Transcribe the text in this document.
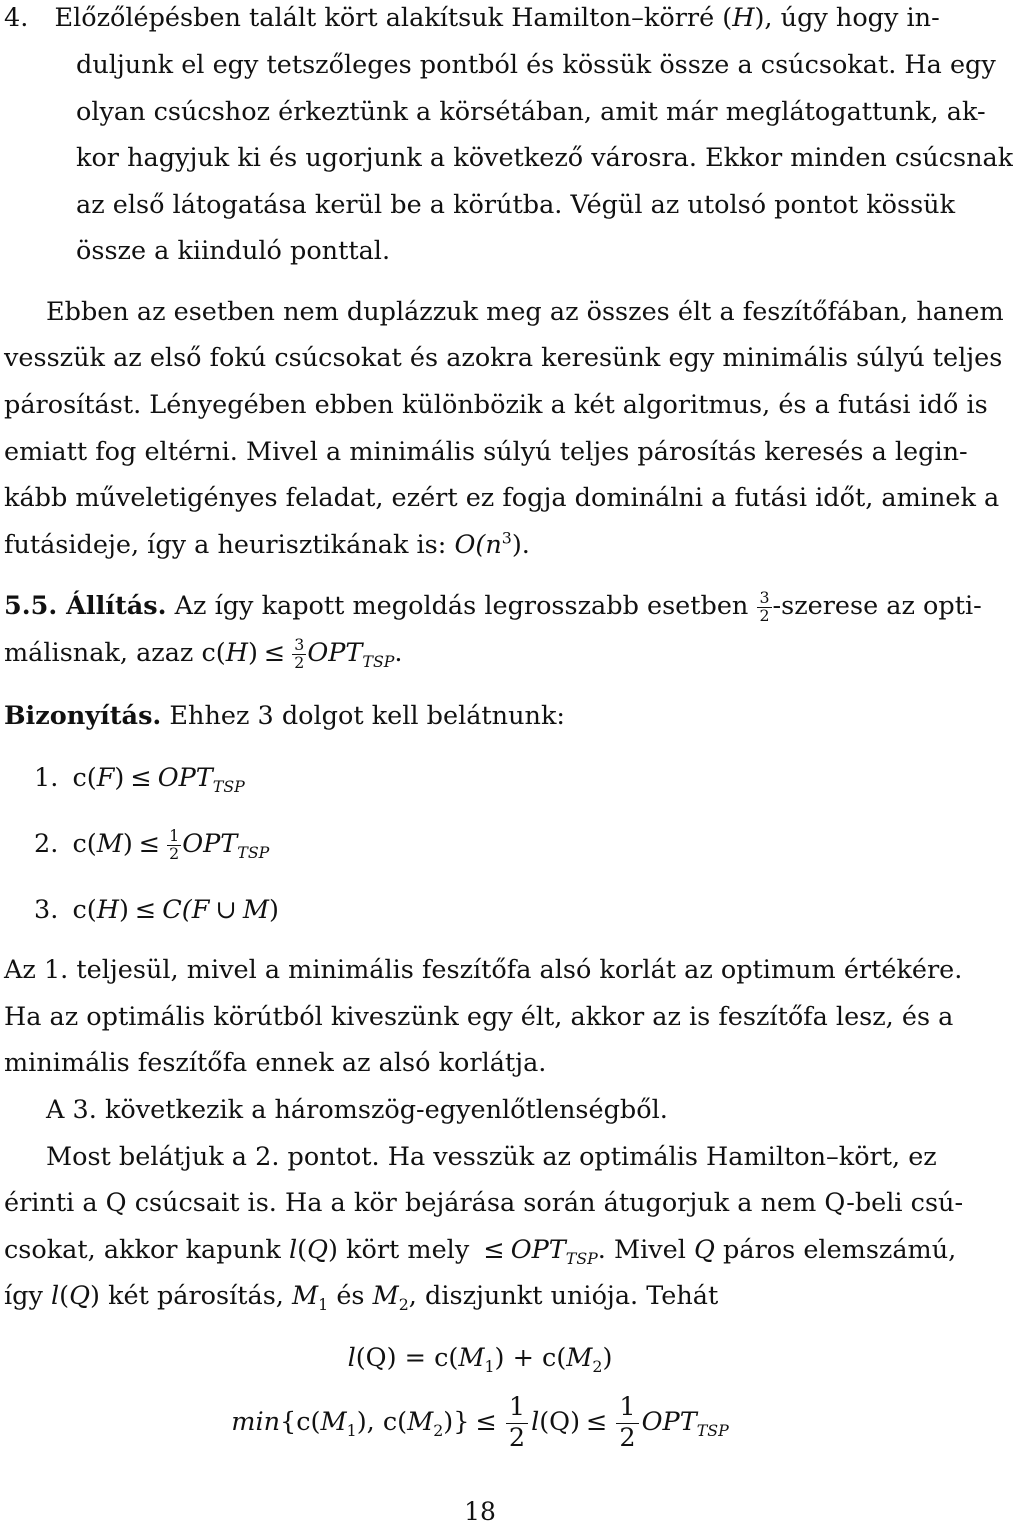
4. Előzőlépésben talált kört alakítsuk Hamilton–körré (H), úgy hogy in-
duljunk el egy tetszőleges pontból és kössük össze a csúcsokat. Ha egy
olyan csúcshoz érkeztünk a körsétában, amit már meglátogattunk, ak-
kor hagyjuk ki és ugorjunk a következő városra. Ekkor minden csúcsnak
az első látogatása kerül be a körútba. Végül az utolsó pontot kössük
össze a kiinduló ponttal.
Ebben az esetben nem duplázzuk meg az összes élt a feszítőfában, hanem
vesszük az első fokú csúcsokat és azokra keresünk egy minimális súlyú teljes
párosítást. Lényegében ebben különbözik a két algoritmus, és a futási idő is
emiatt fog eltérni. Mivel a minimális súlyú teljes párosítás keresés a legin-
kább műveletigényes feladat, ezért ez fogja dominálni a futási időt, aminek a
futásideje, így a heurisztikának is: $O(n^3)$.
5.5. Állítás. Az így kapott megoldás legrosszabb esetben $\frac{3}{2}$ -szerese az opti-
málisnak, azaz $c(H) \le \frac{3}{2} OPT_{TSP}$.
Bizonyítás. Ehhez 3 dolgot kell belátnunk:
1. $c(F) \le OPT_{TSP}$
2. $c(M) \le \frac{1}{2} OPT_{TSP}$
3. c(H) ≤ C(F ∪ M)
Az 1. teljesül, mivel a minimális feszítőfa alsó korlát az optimum értékére.
Ha az optimális körútból kiveszünk egy élt, akkor az is feszítőfa lesz, és a
minimális feszítőfa ennek az alsó korlátja.
A 3. következik a háromszög-egyenlőtlenségből.
Most belátjuk a 2. pontot. Ha vesszük az optimális Hamilton–kört, ez
érinti a Q csúcsait is. Ha a kör bejárása során átugorjuk a nem Q-beli csú-
csokat, akkor kapunk l(Q) kört mely ≤ $OPT_{TSP}$. Mivel Q páros elemszámú,
így l(Q) két párosítás, $M_1$ és $M_2$, diszjunkt uniója. Tehát
$l(Q) = c(M_1) + c(M_2)$
$\min\{c(M_1)$, $c(M_2)\} \le \frac{1}{2} l(Q) \le \frac{1}{2} OPT_{TSP}$
18
